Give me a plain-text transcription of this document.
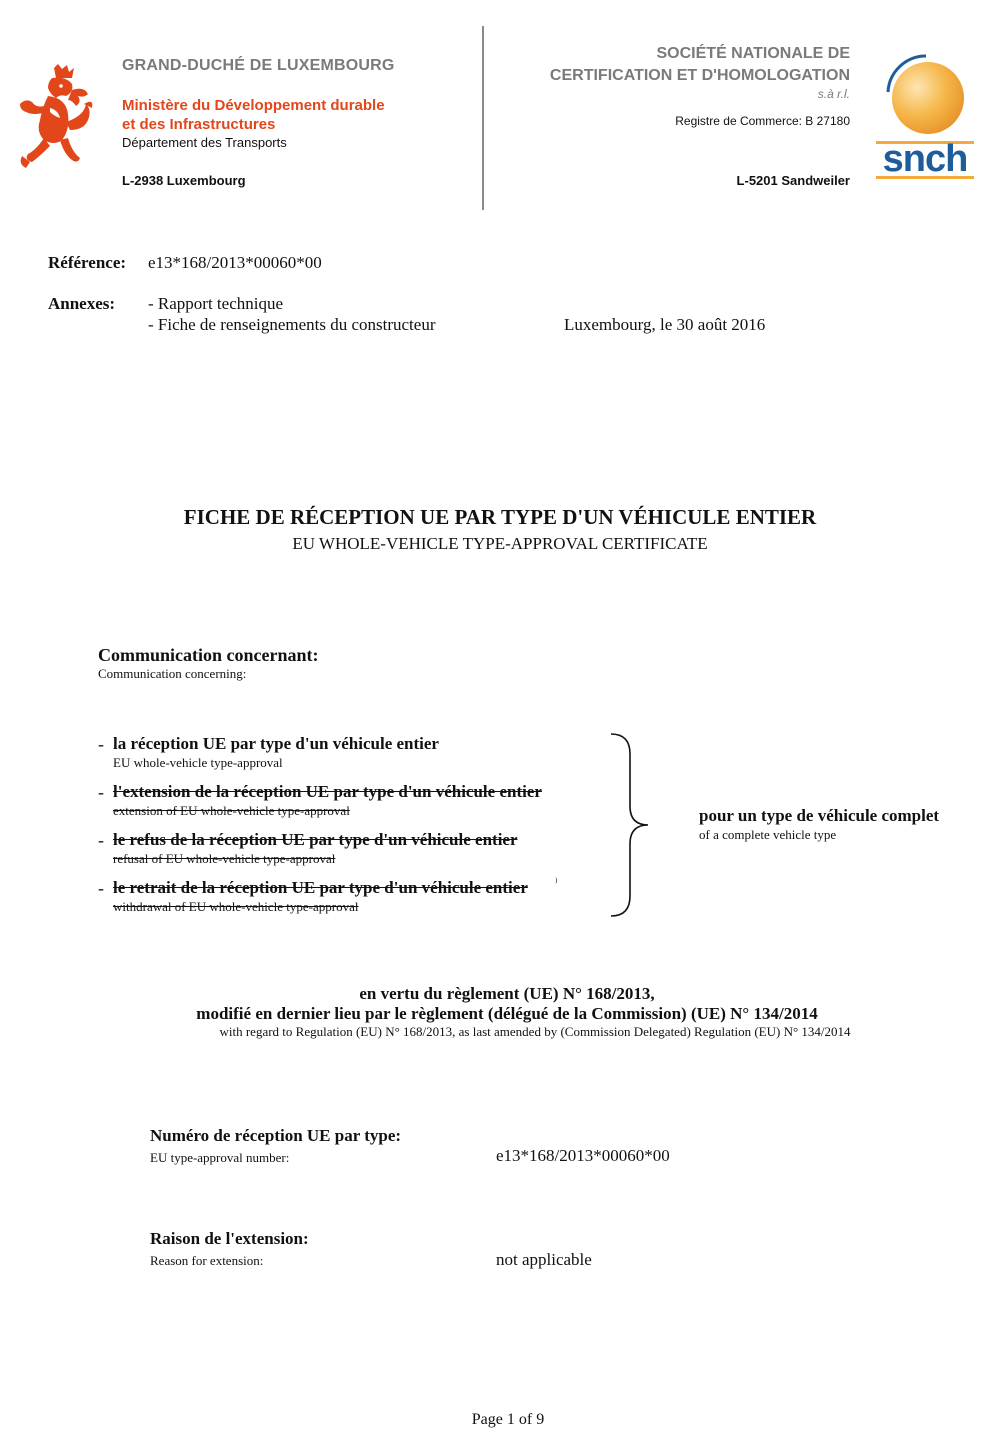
GRAND-DUCHÉ DE LUXEMBOURG
Ministère du Développement durable
et des Infrastructures
Département des Transports
L-2938 Luxembourg
SOCIÉTÉ NATIONALE DE
CERTIFICATION ET D'HOMOLOGATION
s.à r.l.
Registre de Commerce: B 27180
L-5201 Sandweiler
snch
Référence: e13*168/2013*00060*00
Annexes: - Rapport technique
- Fiche de renseignements du constructeur	Luxembourg, le 30 août 2016
FICHE DE RÉCEPTION UE PAR TYPE D'UN VÉHICULE ENTIER
EU WHOLE-VEHICLE TYPE-APPROVAL CERTIFICATE
Communication concernant:
Communication concerning:
- la réception UE par type d'un véhicule entier
EU whole-vehicle type-approval
- l'extension de la réception UE par type d'un véhicule entier
extension of EU whole-vehicle type-approval
- le refus de la réception UE par type d'un véhicule entier
refusal of EU whole-vehicle type-approval
- le retrait de la réception UE par type d'un véhicule entier ⁾
withdrawal of EU whole-vehicle type-approval
pour un type de véhicule complet
of a complete vehicle type
en vertu du règlement (UE) N° 168/2013,
modifié en dernier lieu par le règlement (délégué de la Commission) (UE) N° 134/2014
with regard to Regulation (EU) N° 168/2013, as last amended by (Commission Delegated) Regulation (EU) N° 134/2014
Numéro de réception UE par type:
EU type-approval number:	e13*168/2013*00060*00
Raison de l'extension:
Reason for extension:	not applicable
Page 1 of 9
